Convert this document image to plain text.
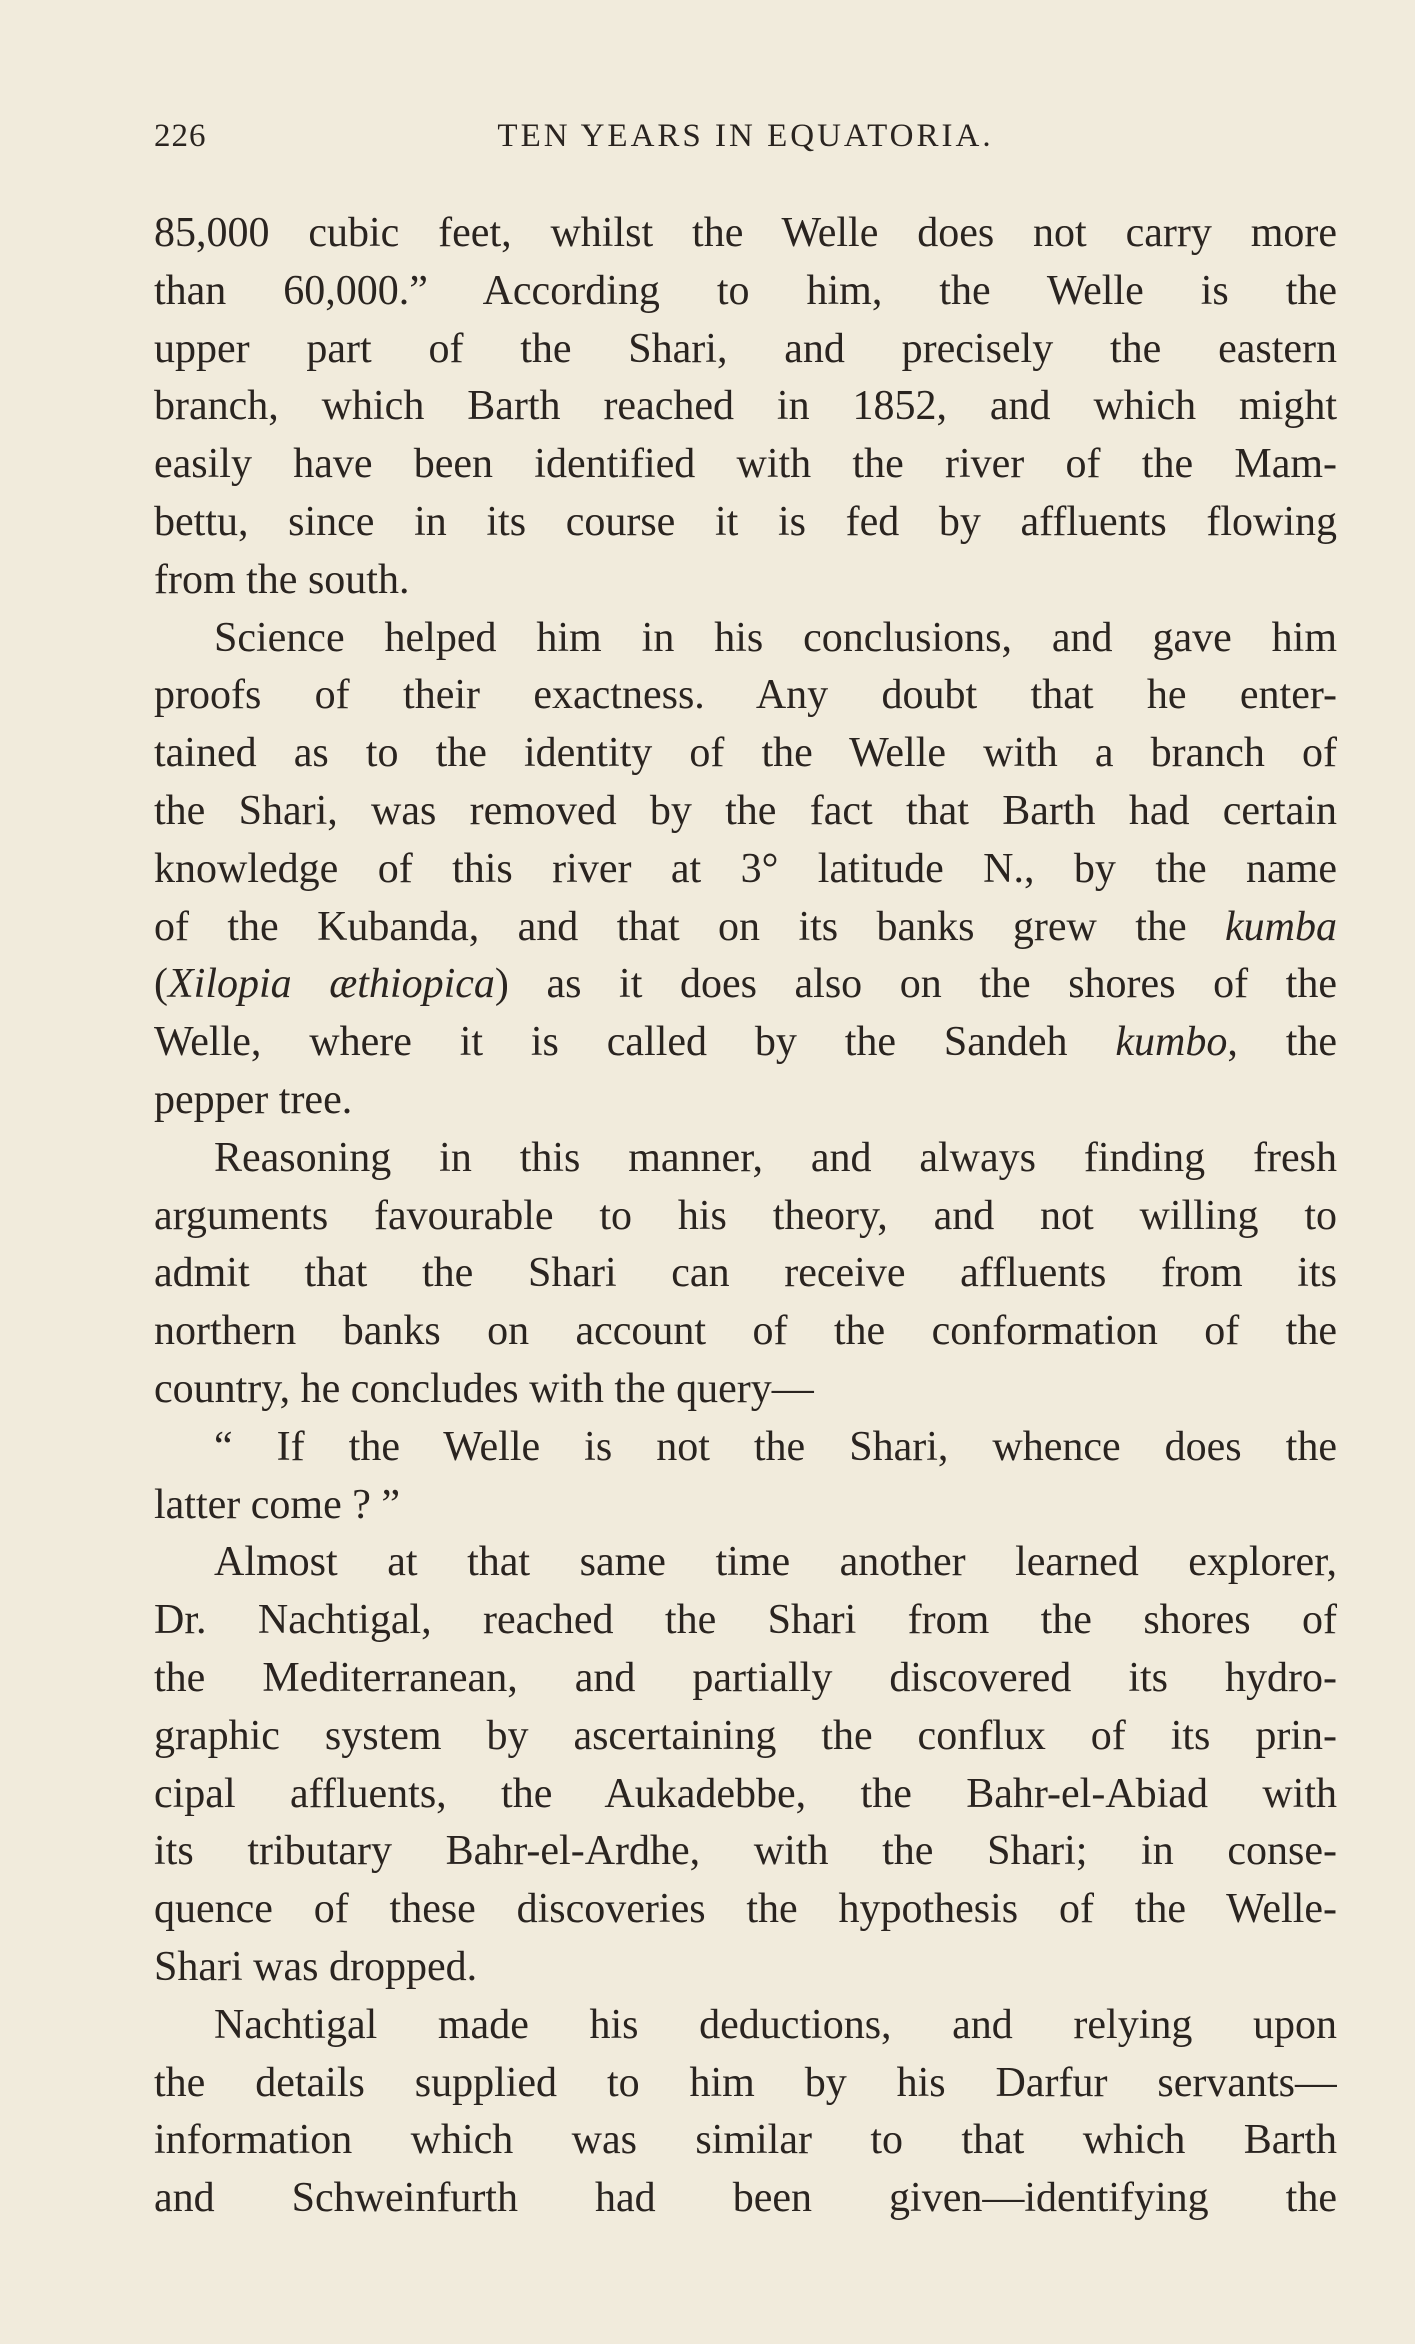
226	TEN YEARS IN EQUATORIA.
85,000 cubic feet, whilst the Welle does not carry more
than 60,000.” According to him, the Welle is the
upper part of the Shari, and precisely the eastern
branch, which Barth reached in 1852, and which might
easily have been identified with the river of the Mam-
bettu, since in its course it is fed by affluents flowing
from the south.
Science helped him in his conclusions, and gave him
proofs of their exactness. Any doubt that he enter-
tained as to the identity of the Welle with a branch of
the Shari, was removed by the fact that Barth had certain
knowledge of this river at 3° latitude N., by the name
of the Kubanda, and that on its banks grew the kumba
(Xilopia æthiopica) as it does also on the shores of the
Welle, where it is called by the Sandeh kumbo, the
pepper tree.
Reasoning in this manner, and always finding fresh
arguments favourable to his theory, and not willing to
admit that the Shari can receive affluents from its
northern banks on account of the conformation of the
country, he concludes with the query—
“ If the Welle is not the Shari, whence does the
latter come ? ”
Almost at that same time another learned explorer,
Dr. Nachtigal, reached the Shari from the shores of
the Mediterranean, and partially discovered its hydro-
graphic system by ascertaining the conflux of its prin-
cipal affluents, the Aukadebbe, the Bahr-el-Abiad with
its tributary Bahr-el-Ardhe, with the Shari; in conse-
quence of these discoveries the hypothesis of the Welle-
Shari was dropped.
Nachtigal made his deductions, and relying upon
the details supplied to him by his Darfur servants—
information which was similar to that which Barth
and Schweinfurth had been given—identifying the
